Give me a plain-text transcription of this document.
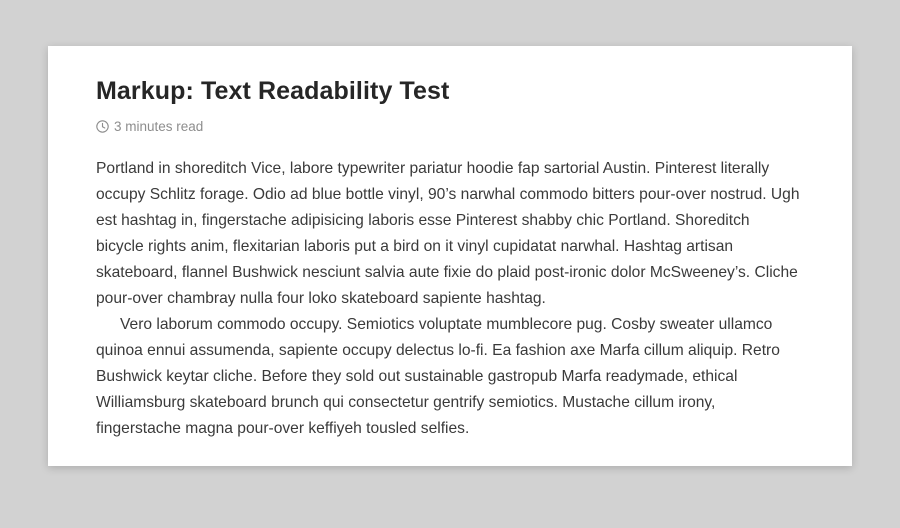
Markup: Text Readability Test
3 minutes read

Portland in shoreditch Vice, labore typewriter pariatur hoodie fap sartorial Austin. Pinterest literally occupy Schlitz forage. Odio ad blue bottle vinyl, 90’s narwhal commodo bitters pour-over nostrud. Ugh est hashtag in, fingerstache adipisicing laboris esse Pinterest shabby chic Portland. Shoreditch bicycle rights anim, flexitarian laboris put a bird on it vinyl cupidatat narwhal. Hashtag artisan skateboard, flannel Bushwick nesciunt salvia aute fixie do plaid post-ironic dolor McSweeney’s. Cliche pour-over chambray nulla four loko skateboard sapiente hashtag.

Vero laborum commodo occupy. Semiotics voluptate mumblecore pug. Cosby sweater ullamco quinoa ennui assumenda, sapiente occupy delectus lo-fi. Ea fashion axe Marfa cillum aliquip. Retro Bushwick keytar cliche. Before they sold out sustainable gastropub Marfa readymade, ethical Williamsburg skateboard brunch qui consectetur gentrify semiotics. Mustache cillum irony, fingerstache magna pour-over keffiyeh tousled selfies.
